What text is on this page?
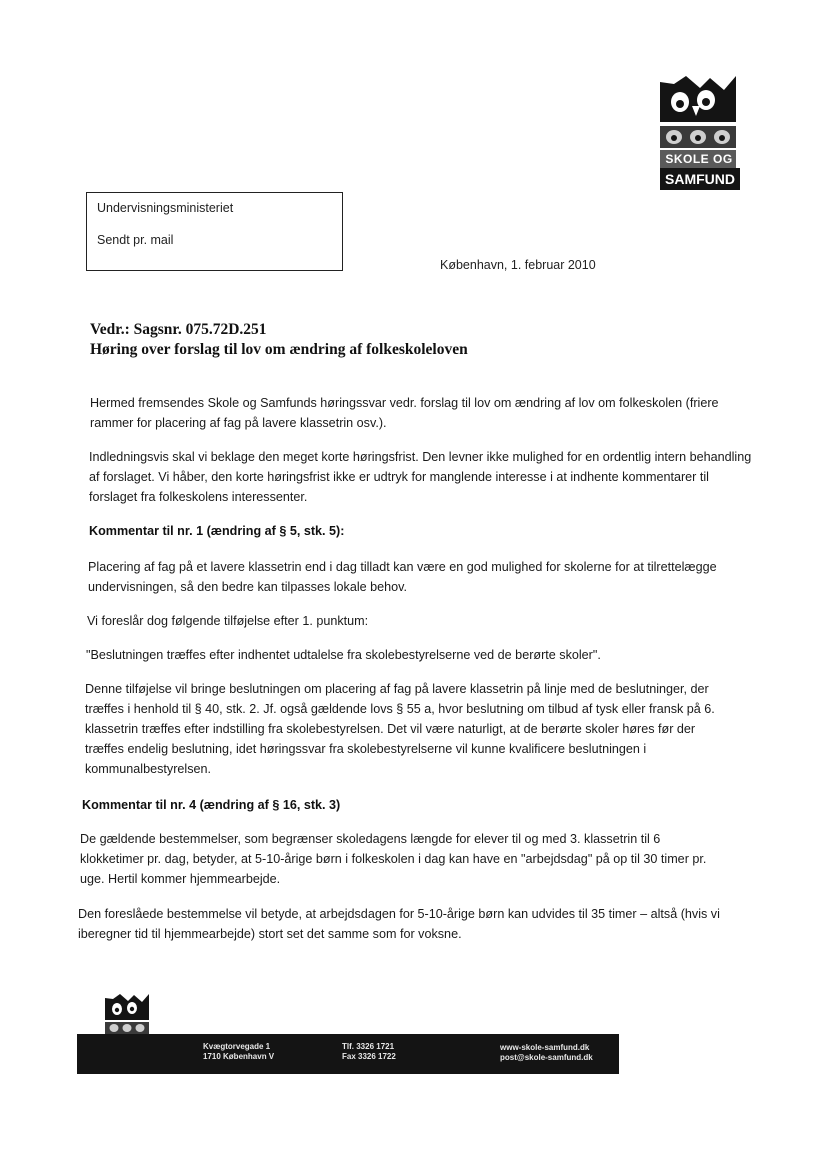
SKOLE OG
SAMFUND
Undervisningsministeriet
Sendt pr. mail
København, 1. februar 2010
Vedr.: Sagsnr. 075.72D.251
Høring over forslag til lov om ændring af folkeskoleloven
Hermed fremsendes Skole og Samfunds høringssvar vedr. forslag til lov om ændring af lov om folkeskolen (friere rammer for placering af fag på lavere klassetrin osv.).
Indledningsvis skal vi beklage den meget korte høringsfrist. Den levner ikke mulighed for en ordentlig intern behandling af forslaget. Vi håber, den korte høringsfrist ikke er udtryk for manglende interesse i at indhente kommentarer til forslaget fra folkeskolens interessenter.
Kommentar til nr. 1 (ændring af § 5, stk. 5):
Placering af fag på et lavere klassetrin end i dag tilladt kan være en god mulighed for skolerne for at tilrettelægge undervisningen, så den bedre kan tilpasses lokale behov.
Vi foreslår dog følgende tilføjelse efter 1. punktum:
"Beslutningen træffes efter indhentet udtalelse fra skolebestyrelserne ved de berørte skoler".
Denne tilføjelse vil bringe beslutningen om placering af fag på lavere klassetrin på linje med de beslutninger, der træffes i henhold til § 40, stk. 2. Jf. også gældende lovs § 55 a, hvor beslutning om tilbud af tysk eller fransk på 6. klassetrin træffes efter indstilling fra skolebestyrelsen. Det vil være naturligt, at de berørte skoler høres før der træffes endelig beslutning, idet høringssvar fra skolebestyrelserne vil kunne kvalificere beslutningen i kommunalbestyrelsen.
Kommentar til nr. 4 (ændring af § 16, stk. 3)
De gældende bestemmelser, som begrænser skoledagens længde for elever til og med 3. klassetrin til 6 klokketimer pr. dag, betyder, at 5-10-årige børn i folkeskolen i dag kan have en "arbejdsdag" på op til 30 timer pr. uge. Hertil kommer hjemmearbejde.
Den foreslåede bestemmelse vil betyde, at arbejdsdagen for 5-10-årige børn kan udvides til 35 timer – altså (hvis vi iberegner tid til hjemmearbejde) stort set det samme som for voksne.
Kvægtorvegade 1
1710 København V
Tlf. 3326 1721
Fax 3326 1722
www-skole-samfund.dk
post@skole-samfund.dk
